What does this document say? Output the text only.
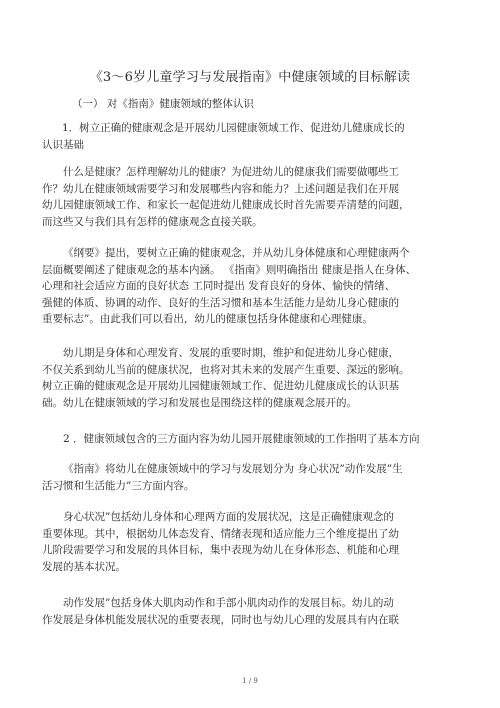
《3～6岁儿童学习与发展指南》中健康领域的目标解读
（一） 对《指南》健康领域的整体认识
1．树立正确的健康观念是开展幼儿园健康领域工作、促进幼儿健康成长的
认识基础
什么是健康？怎样理解幼儿的健康？为促进幼儿的健康我们需要做哪些工
作？幼儿在健康领域需要学习和发展哪些内容和能力？上述问题是我们在开展
幼儿园健康领域工作、和家长一起促进幼儿健康成长时首先需要弄清楚的问题，
而这些又与我们具有怎样的健康观念直接关联。
《纲要》提出，要树立正确的健康观念，并从幼儿身体健康和心理健康两个
层面概要阐述了健康观念的基本内涵。 《指南》则明确指出 健康是指人在身体、
心理和社会适应方面的良好状态 工同时提出 发育良好的身体、愉快的情绪、
强健的体质、协调的动作、良好的生活习惯和基本生活能力是幼儿身心健康的
重要标志”。由此我们可以看出，幼儿的健康包括身体健康和心理健康。
幼儿期是身体和心理发育、发展的重要时期，维护和促进幼儿身心健康，
不仅关系到幼儿当前的健康状况，也将对其未来的发展产生重要、深远的影响。
树立正确的健康观念是开展幼儿园健康领域工作、促进幼儿健康成长的认识基
础。幼儿在健康领域的学习和发展也是围绕这样的健康观念展开的。
2 ．健康领域包含的三方面内容为幼儿园开展健康领域的工作指明了基本方向
《指南》将幼儿在健康领域中的学习与发展划分为 身心状况”动作发展”生
活习惯和生活能力”三方面内容。
身心状况”包括幼儿身体和心理两方面的发展状况，这是正确健康观念的
重要体现。其中，根据幼儿体态发育、情绪表现和适应能力三个维度提出了幼
儿阶段需要学习和发展的具体目标，集中表现为幼儿在身体形态、机能和心理
发展的基本状况。
动作发展”包括身体大肌肉动作和手部小肌肉动作的发展目标。幼儿的动
作发展是身体机能发展状况的重要表现，同时也与幼儿心理的发展具有内在联
1 / 9
